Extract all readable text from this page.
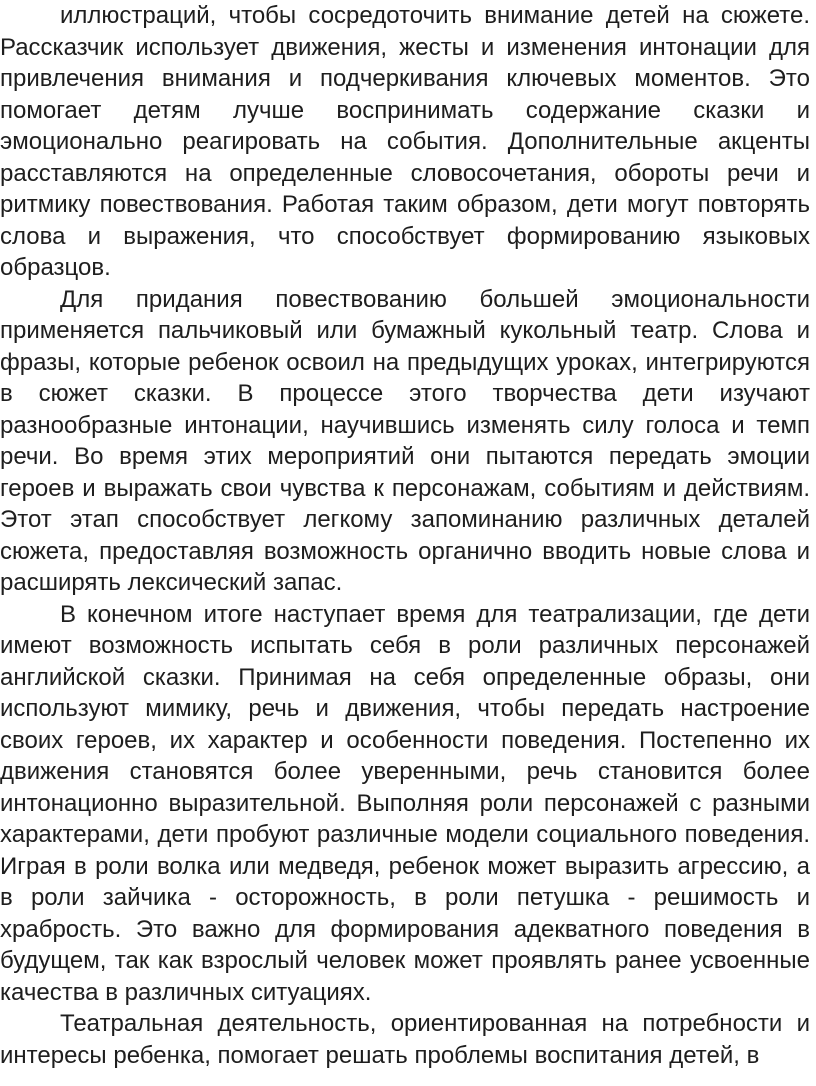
иллюстраций, чтобы сосредоточить внимание детей на сюжете. Рассказчик использует движения, жесты и изменения интонации для привлечения внимания и подчеркивания ключевых моментов. Это помогает детям лучше воспринимать содержание сказки и эмоционально реагировать на события. Дополнительные акценты расставляются на определенные словосочетания, обороты речи и ритмику повествования. Работая таким образом, дети могут повторять слова и выражения, что способствует формированию языковых образцов.

Для придания повествованию большей эмоциональности применяется пальчиковый или бумажный кукольный театр. Слова и фразы, которые ребенок освоил на предыдущих уроках, интегрируются в сюжет сказки. В процессе этого творчества дети изучают разнообразные интонации, научившись изменять силу голоса и темп речи. Во время этих мероприятий они пытаются передать эмоции героев и выражать свои чувства к персонажам, событиям и действиям. Этот этап способствует легкому запоминанию различных деталей сюжета, предоставляя возможность органично вводить новые слова и расширять лексический запас.

В конечном итоге наступает время для театрализации, где дети имеют возможность испытать себя в роли различных персонажей английской сказки. Принимая на себя определенные образы, они используют мимику, речь и движения, чтобы передать настроение своих героев, их характер и особенности поведения. Постепенно их движения становятся более уверенными, речь становится более интонационно выразительной. Выполняя роли персонажей с разными характерами, дети пробуют различные модели социального поведения. Играя в роли волка или медведя, ребенок может выразить агрессию, а в роли зайчика - осторожность, в роли петушка - решимость и храбрость. Это важно для формирования адекватного поведения в будущем, так как взрослый человек может проявлять ранее усвоенные качества в различных ситуациях.

Театральная деятельность, ориентированная на потребности и интересы ребенка, помогает решать проблемы воспитания детей, в
